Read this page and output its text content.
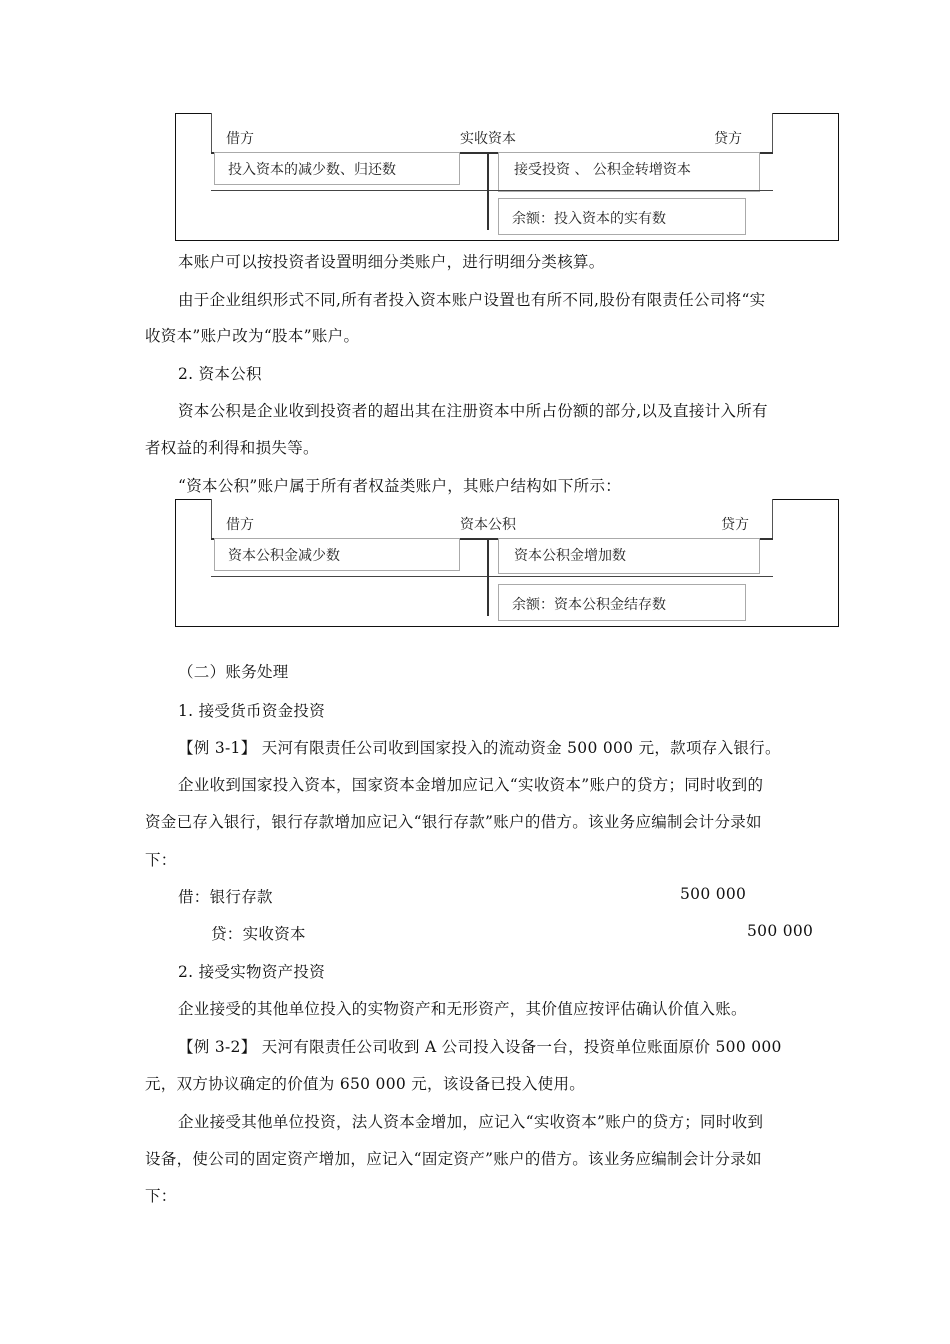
借方	实收资本	贷方
投入资本的减少数、归还数	接受投资 、 公积金转增资本
余额：投入资本的实有数
本账户可以按投资者设置明细分类账户，进行明细分类核算。
由于企业组织形式不同,所有者投入资本账户设置也有所不同,股份有限责任公司将“实
收资本”账户改为“股本”账户。
2. 资本公积
资本公积是企业收到投资者的超出其在注册资本中所占份额的部分,以及直接计入所有
者权益的利得和损失等。
“资本公积”账户属于所有者权益类账户，其账户结构如下所示：
借方	资本公积	贷方
资本公积金减少数	资本公积金增加数
余额：资本公积金结存数
（二）账务处理
1. 接受货币资金投资
【例 3-1】 天河有限责任公司收到国家投入的流动资金 500 000 元，款项存入银行。
企业收到国家投入资本，国家资本金增加应记入“实收资本”账户的贷方；同时收到的
资金已存入银行，银行存款增加应记入“银行存款”账户的借方。该业务应编制会计分录如
下：
借：银行存款	500 000
贷：实收资本	500 000
2. 接受实物资产投资
企业接受的其他单位投入的实物资产和无形资产，其价值应按评估确认价值入账。
【例 3-2】 天河有限责任公司收到 A 公司投入设备一台，投资单位账面原价 500 000
元，双方协议确定的价值为 650 000 元，该设备已投入使用。
企业接受其他单位投资，法人资本金增加，应记入“实收资本”账户的贷方；同时收到
设备，使公司的固定资产增加，应记入“固定资产”账户的借方。该业务应编制会计分录如
下：
